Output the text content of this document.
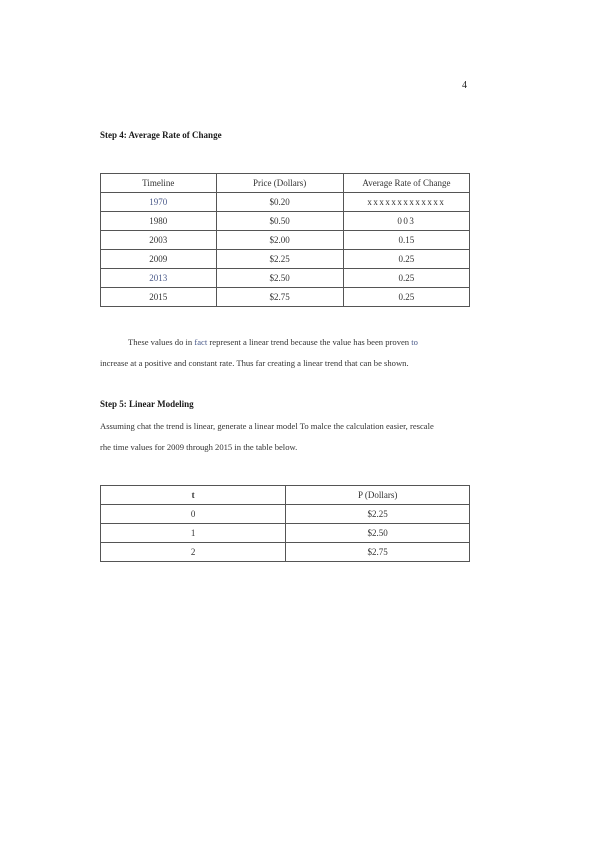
4
Step 4: Average Rate of Change
Timeline	Price (Dollars)	Average Rate of Change
1970	$0.20	xxxxxxxxxxxxx
1980	$0.50	003
2003	$2.00	0.15
2009	$2.25	0.25
2013	$2.50	0.25
2015	$2.75	0.25
These values do in fact represent a linear trend because the value has been proven to
increase at a positive and constant rate. Thus far creating a linear trend that can be shown.
Step 5: Linear Modeling
Assuming chat the trend is linear, generate a linear model To malce the calculation easier, rescale
rhe time values for 2009 through 2015 in the table below.
t	P (Dollars)
0	$2.25
1	$2.50
2	$2.75
